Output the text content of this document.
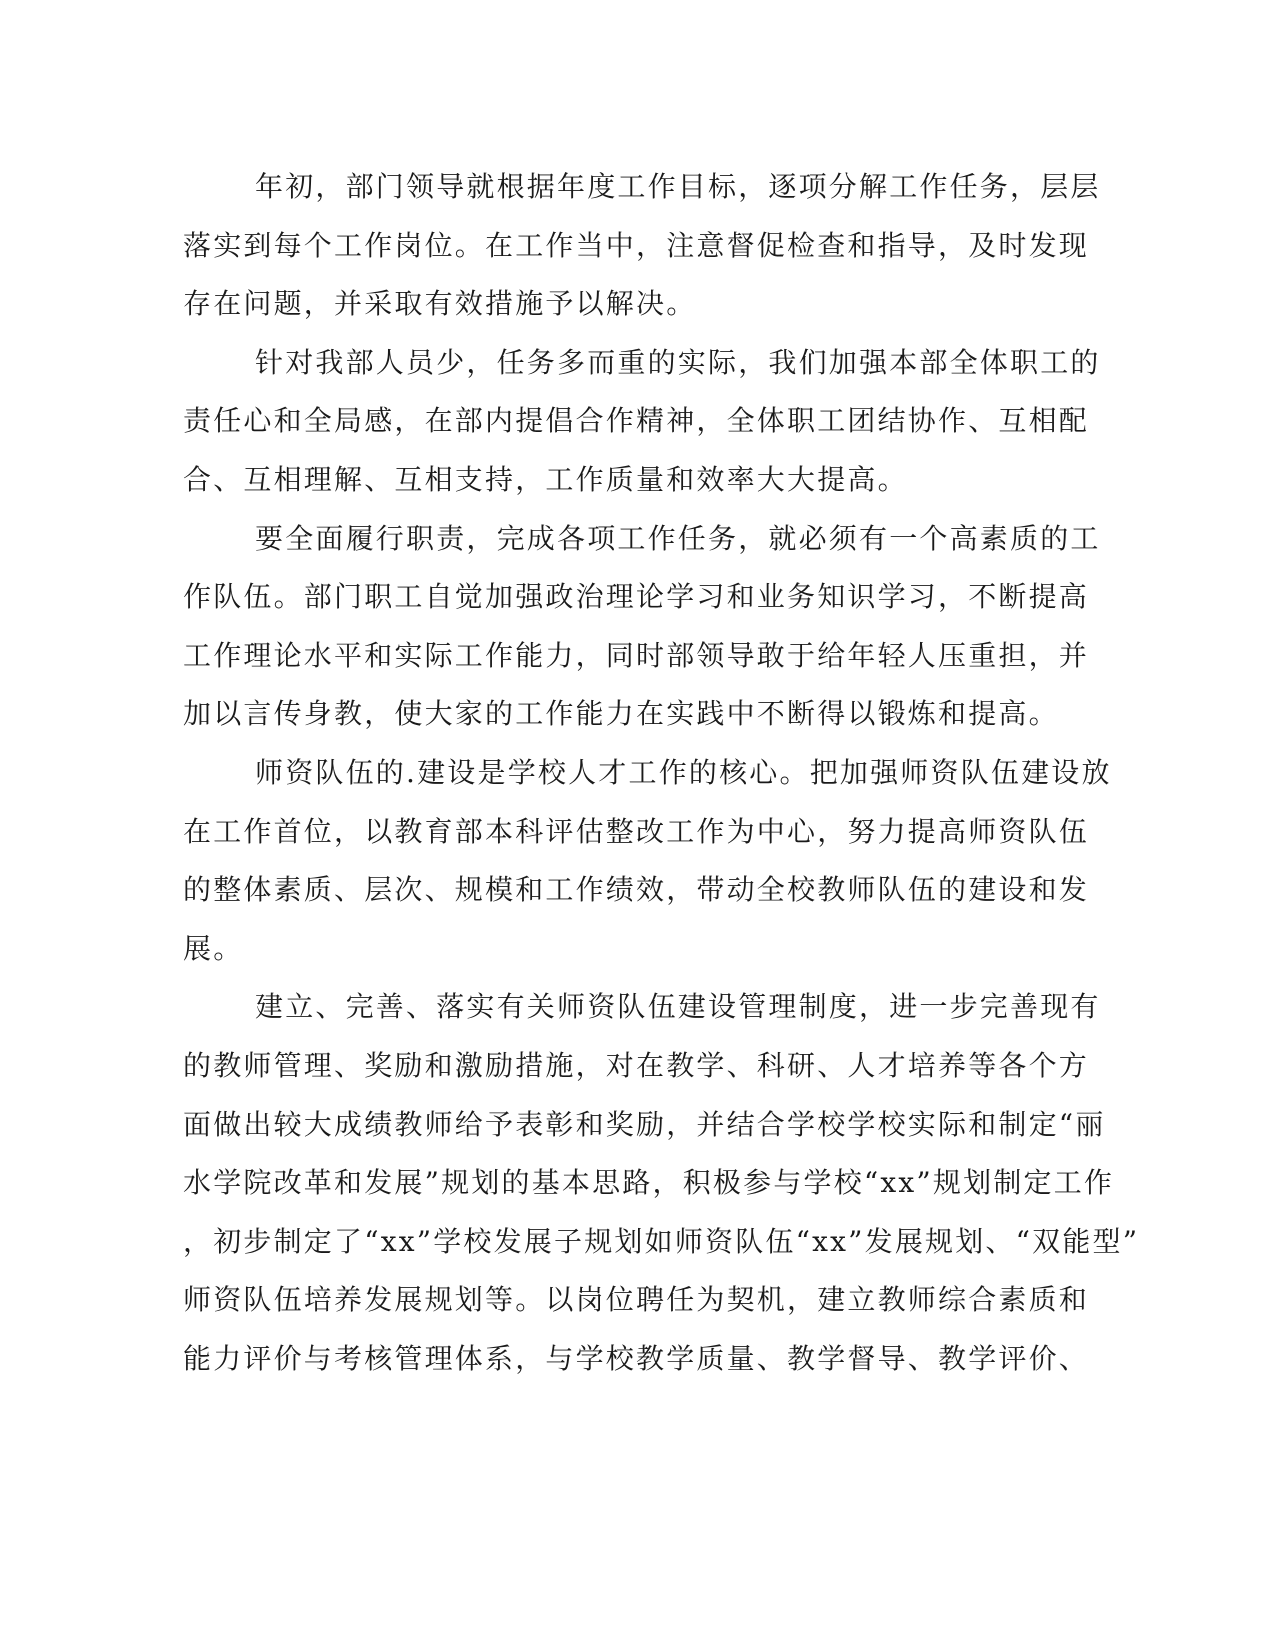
年初，部门领导就根据年度工作目标，逐项分解工作任务，层层
落实到每个工作岗位。在工作当中，注意督促检查和指导，及时发现
存在问题，并采取有效措施予以解决。
针对我部人员少，任务多而重的实际，我们加强本部全体职工的
责任心和全局感，在部内提倡合作精神，全体职工团结协作、互相配
合、互相理解、互相支持，工作质量和效率大大提高。
要全面履行职责，完成各项工作任务，就必须有一个高素质的工
作队伍。部门职工自觉加强政治理论学习和业务知识学习，不断提高
工作理论水平和实际工作能力，同时部领导敢于给年轻人压重担，并
加以言传身教，使大家的工作能力在实践中不断得以锻炼和提高。
师资队伍的.建设是学校人才工作的核心。把加强师资队伍建设放
在工作首位，以教育部本科评估整改工作为中心，努力提高师资队伍
的整体素质、层次、规模和工作绩效，带动全校教师队伍的建设和发
展。
建立、完善、落实有关师资队伍建设管理制度，进一步完善现有
的教师管理、奖励和激励措施，对在教学、科研、人才培养等各个方
面做出较大成绩教师给予表彰和奖励，并结合学校学校实际和制定“丽
水学院改革和发展”规划的基本思路，积极参与学校“xx”规划制定工作
，初步制定了“xx”学校发展子规划如师资队伍“xx”发展规划、“双能型”
师资队伍培养发展规划等。以岗位聘任为契机，建立教师综合素质和
能力评价与考核管理体系，与学校教学质量、教学督导、教学评价、
